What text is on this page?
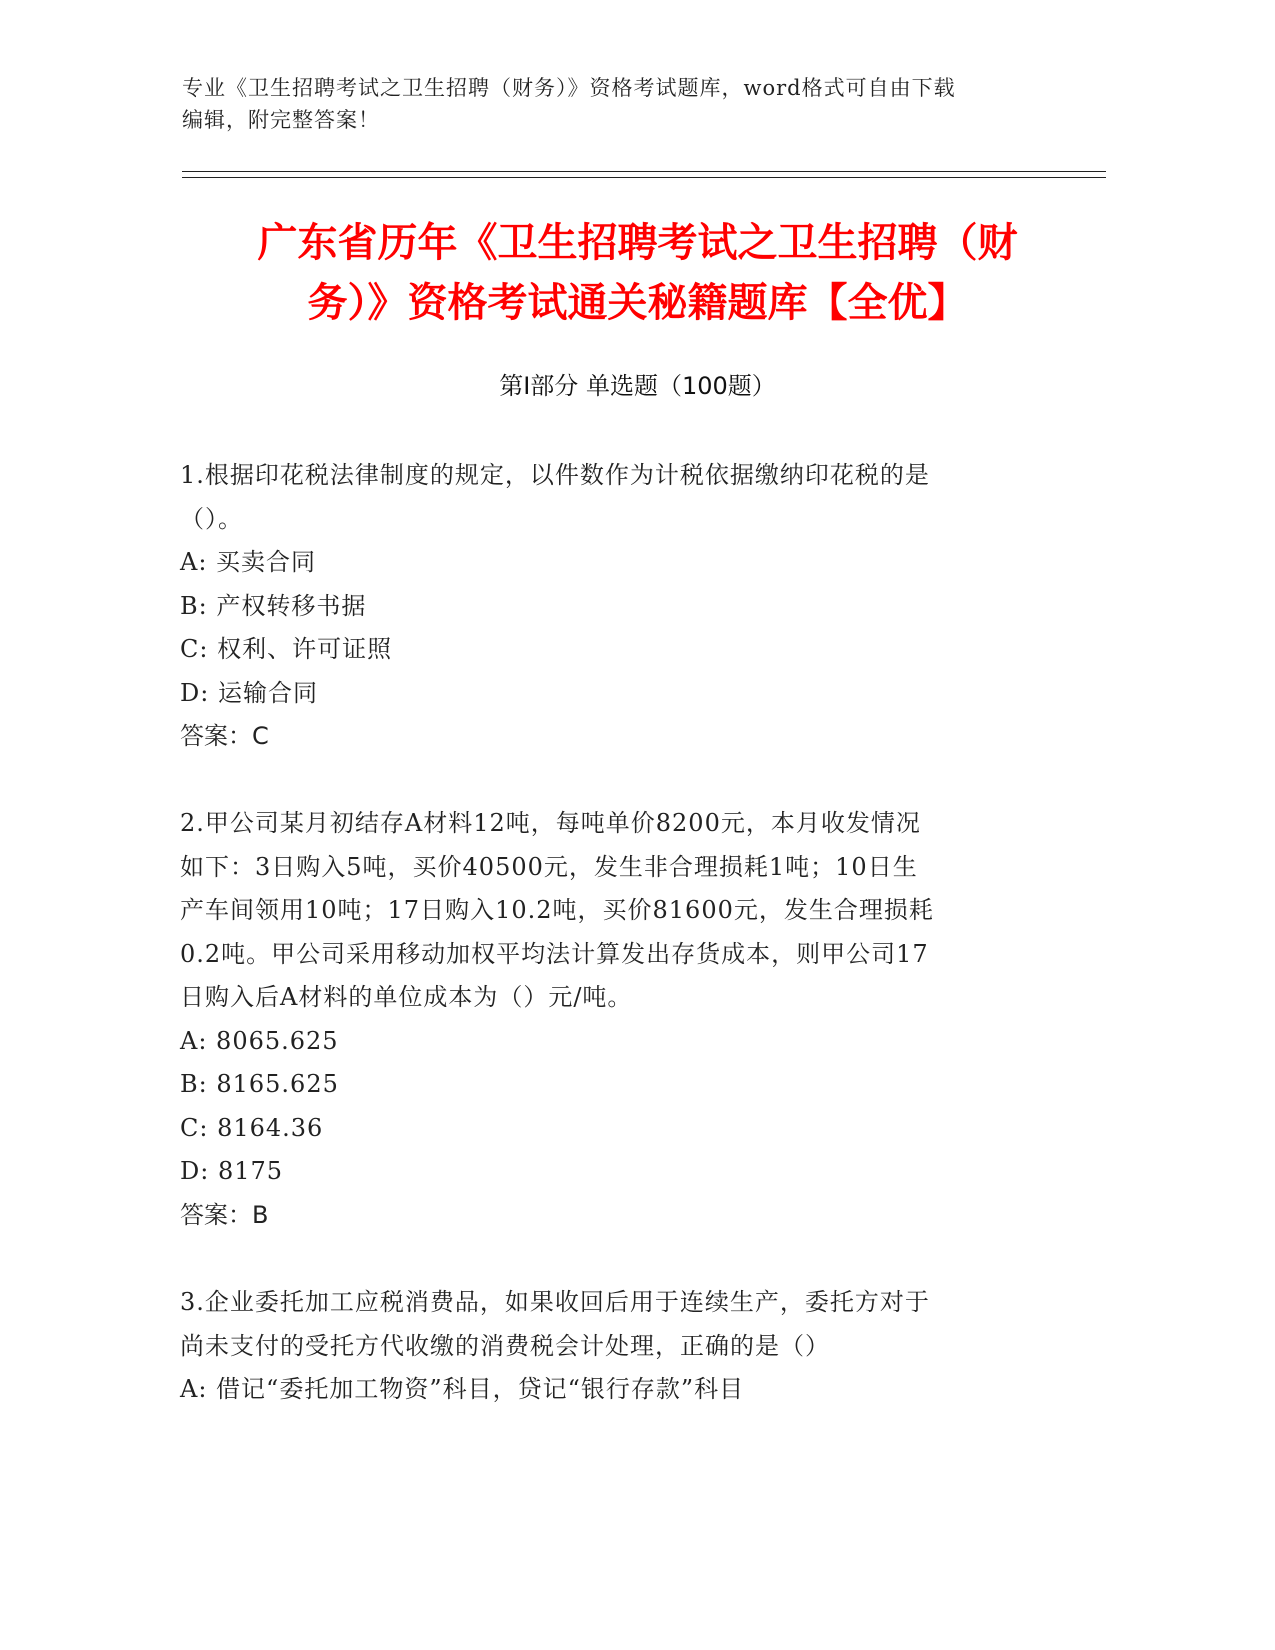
专业《卫生招聘考试之卫生招聘（财务）》资格考试题库，word格式可自由下载

编辑，附完整答案！

广东省历年《卫生招聘考试之卫生招聘（财

务）》资格考试通关秘籍题库【全优】

第Ⅰ部分 单选题（100题）

1.根据印花税法律制度的规定，以件数作为计税依据缴纳印花税的是

（）。

A: 买卖合同

B: 产权转移书据

C: 权利、许可证照

D: 运输合同

答案：C

2.甲公司某月初结存A材料12吨，每吨单价8200元，本月收发情况

如下：3日购入5吨，买价40500元，发生非合理损耗1吨；10日生

产车间领用10吨；17日购入10.2吨，买价81600元，发生合理损耗

0.2吨。甲公司采用移动加权平均法计算发出存货成本，则甲公司17

日购入后A材料的单位成本为（）元/吨。

A: 8065.625

B: 8165.625

C: 8164.36

D: 8175

答案：B

3.企业委托加工应税消费品，如果收回后用于连续生产，委托方对于

尚未支付的受托方代收缴的消费税会计处理，正确的是（）

A: 借记“委托加工物资”科目，贷记“银行存款”科目
